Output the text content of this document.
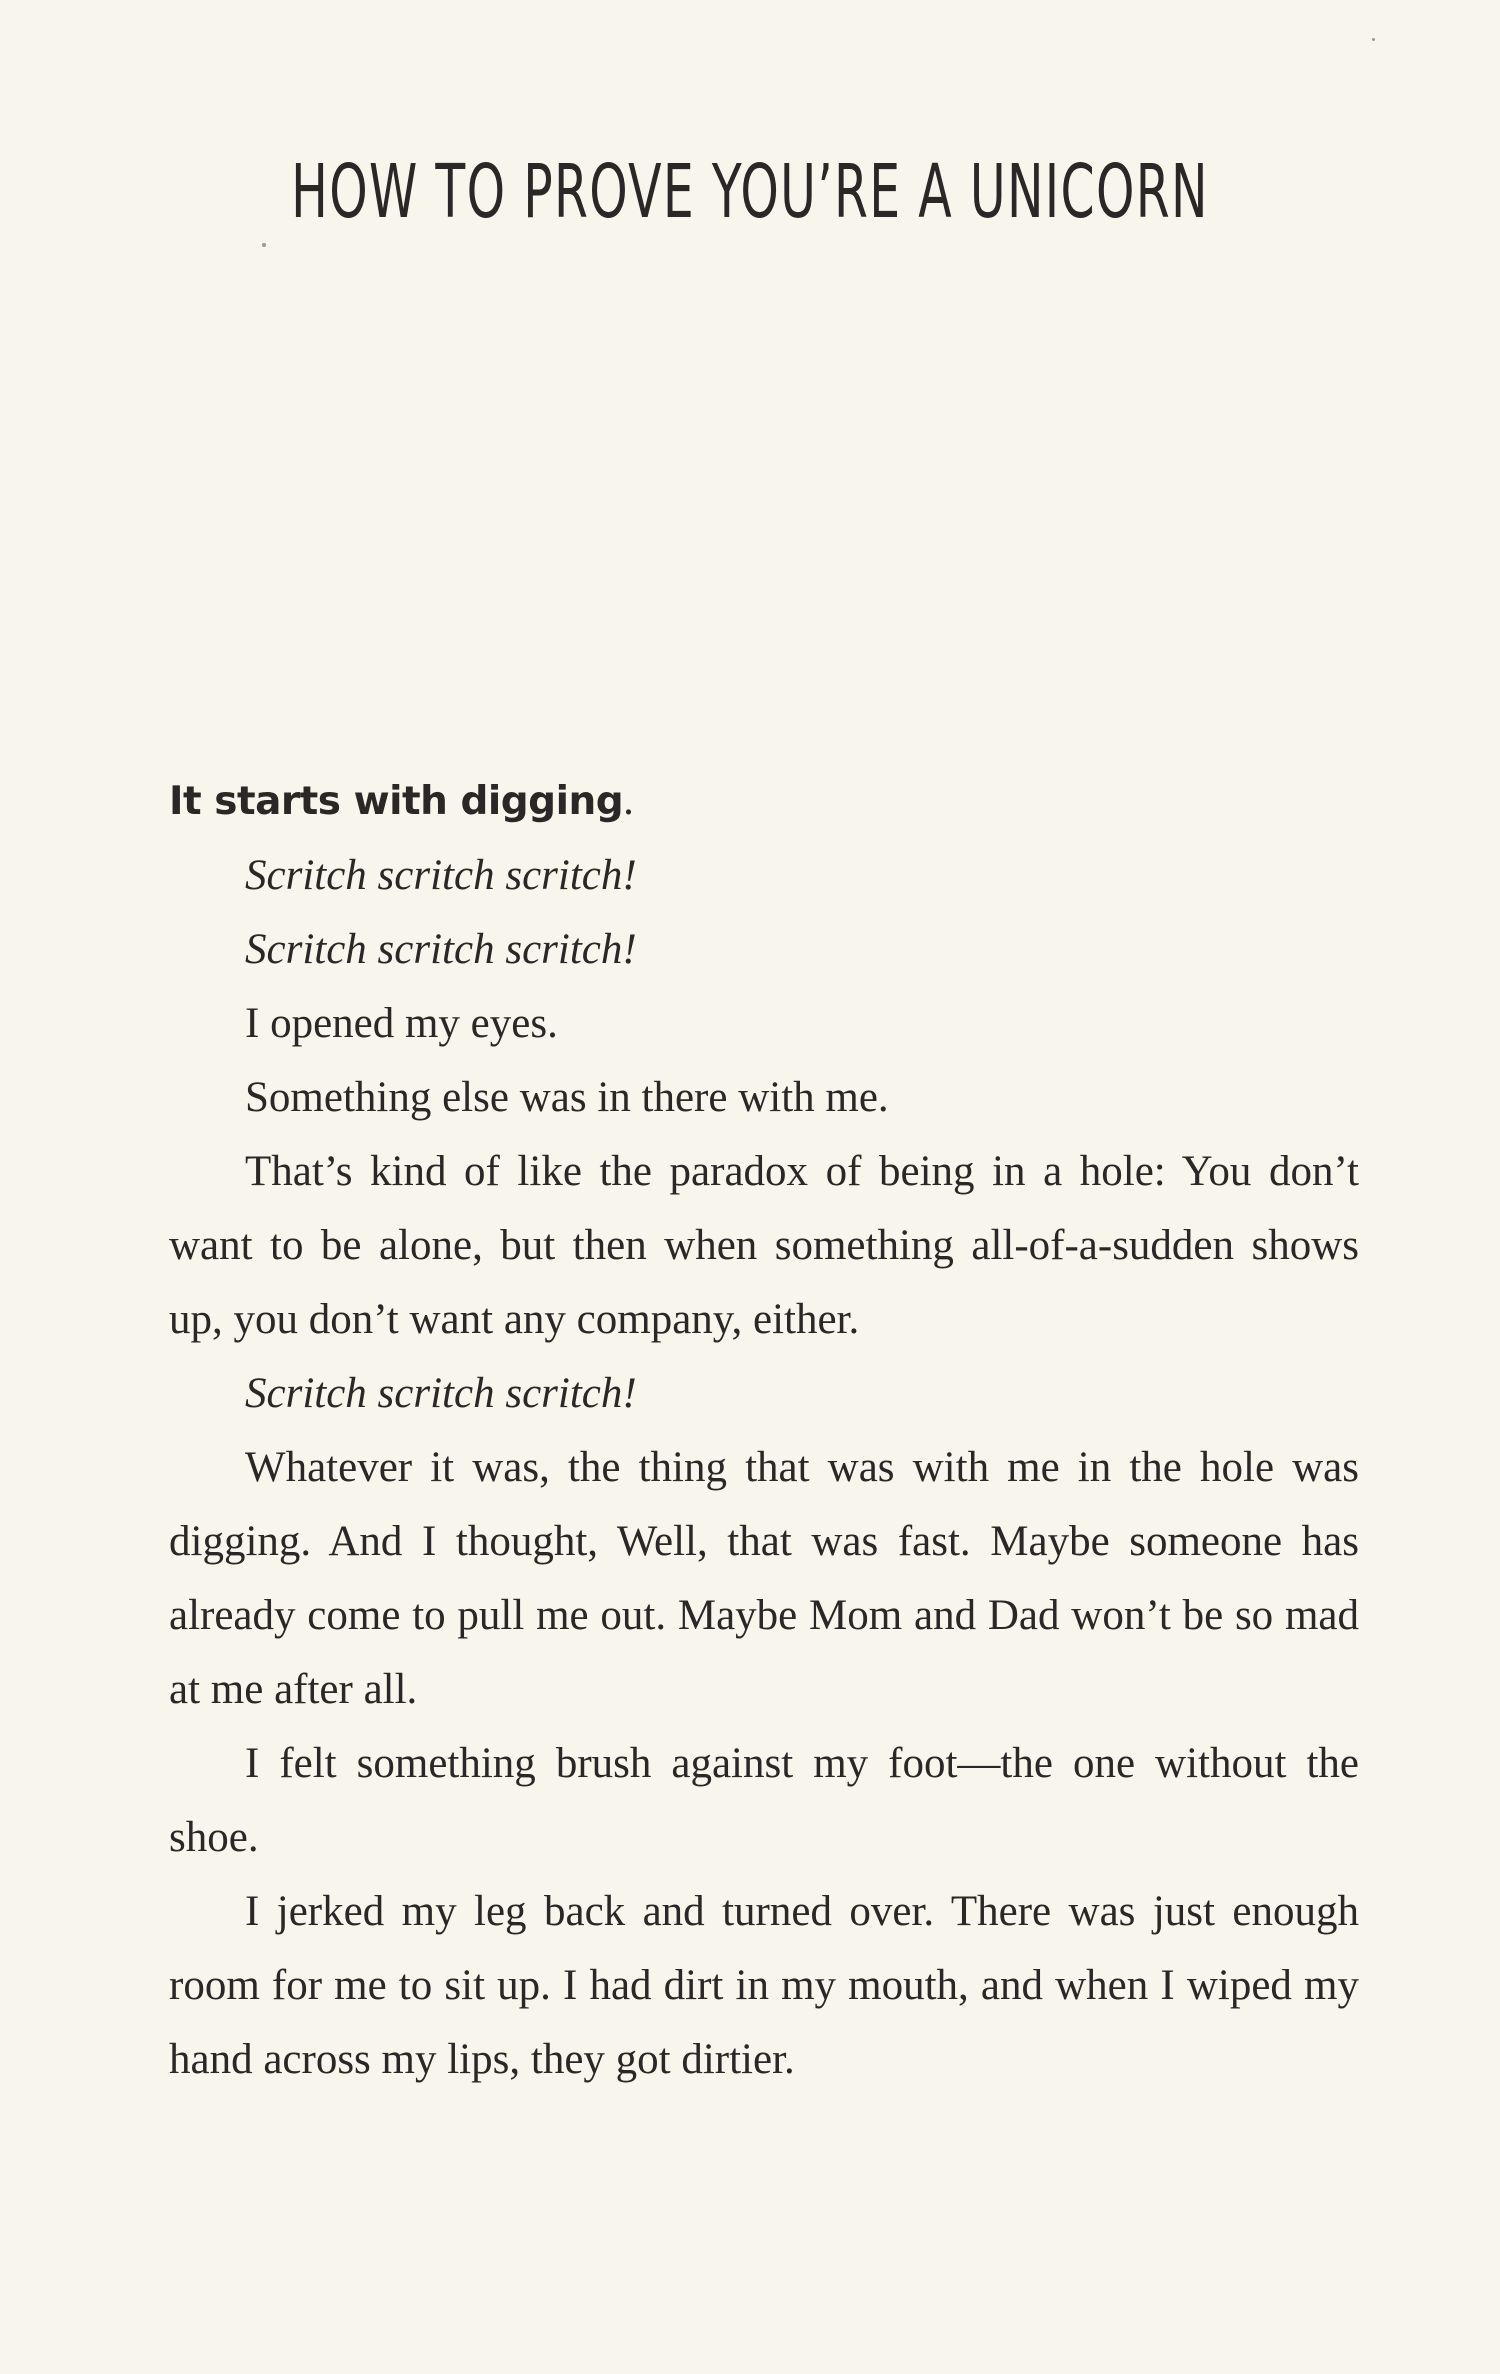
HOW TO PROVE YOU’RE A UNICORN

It starts with digging.

Scritch scritch scritch!

Scritch scritch scritch!

I opened my eyes.

Something else was in there with me.

That’s kind of like the paradox of being in a hole: You don’t want to be alone, but then when something all-of-a-sudden shows up, you don’t want any company, either.

Scritch scritch scritch!

Whatever it was, the thing that was with me in the hole was digging. And I thought, Well, that was fast. Maybe someone has already come to pull me out. Maybe Mom and Dad won’t be so mad at me after all.

I felt something brush against my foot—the one without the shoe.

I jerked my leg back and turned over. There was just enough room for me to sit up. I had dirt in my mouth, and when I wiped my hand across my lips, they got dirtier.
